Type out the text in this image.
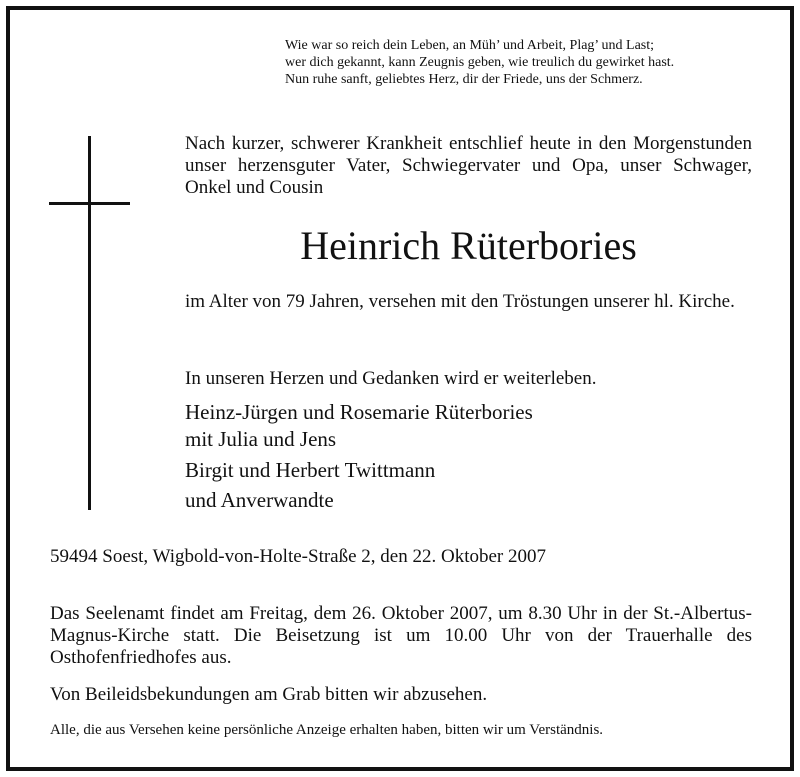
Wie war so reich dein Leben, an Müh’ und Arbeit, Plag’ und Last;
wer dich gekannt, kann Zeugnis geben, wie treulich du gewirket hast.
Nun ruhe sanft, geliebtes Herz, dir der Friede, uns der Schmerz.
Nach kurzer, schwerer Krankheit entschlief heute in den Morgenstunden unser herzensguter Vater, Schwiegervater und Opa, unser Schwager, Onkel und Cousin
Heinrich Rüterbories
im Alter von 79 Jahren, versehen mit den Tröstungen unserer hl. Kirche.
In unseren Herzen und Gedanken wird er weiterleben.
Heinz-Jürgen und Rosemarie Rüterbories
mit Julia und Jens
Birgit und Herbert Twittmann
und Anverwandte
59494 Soest, Wigbold-von-Holte-Straße 2, den 22. Oktober 2007
Das Seelenamt findet am Freitag, dem 26. Oktober 2007, um 8.30 Uhr in der St.-Albertus-Magnus-Kirche statt. Die Beisetzung ist um 10.00 Uhr von der Trauerhalle des Osthofenfriedhofes aus.
Von Beileidsbekundungen am Grab bitten wir abzusehen.
Alle, die aus Versehen keine persönliche Anzeige erhalten haben, bitten wir um Verständnis.
